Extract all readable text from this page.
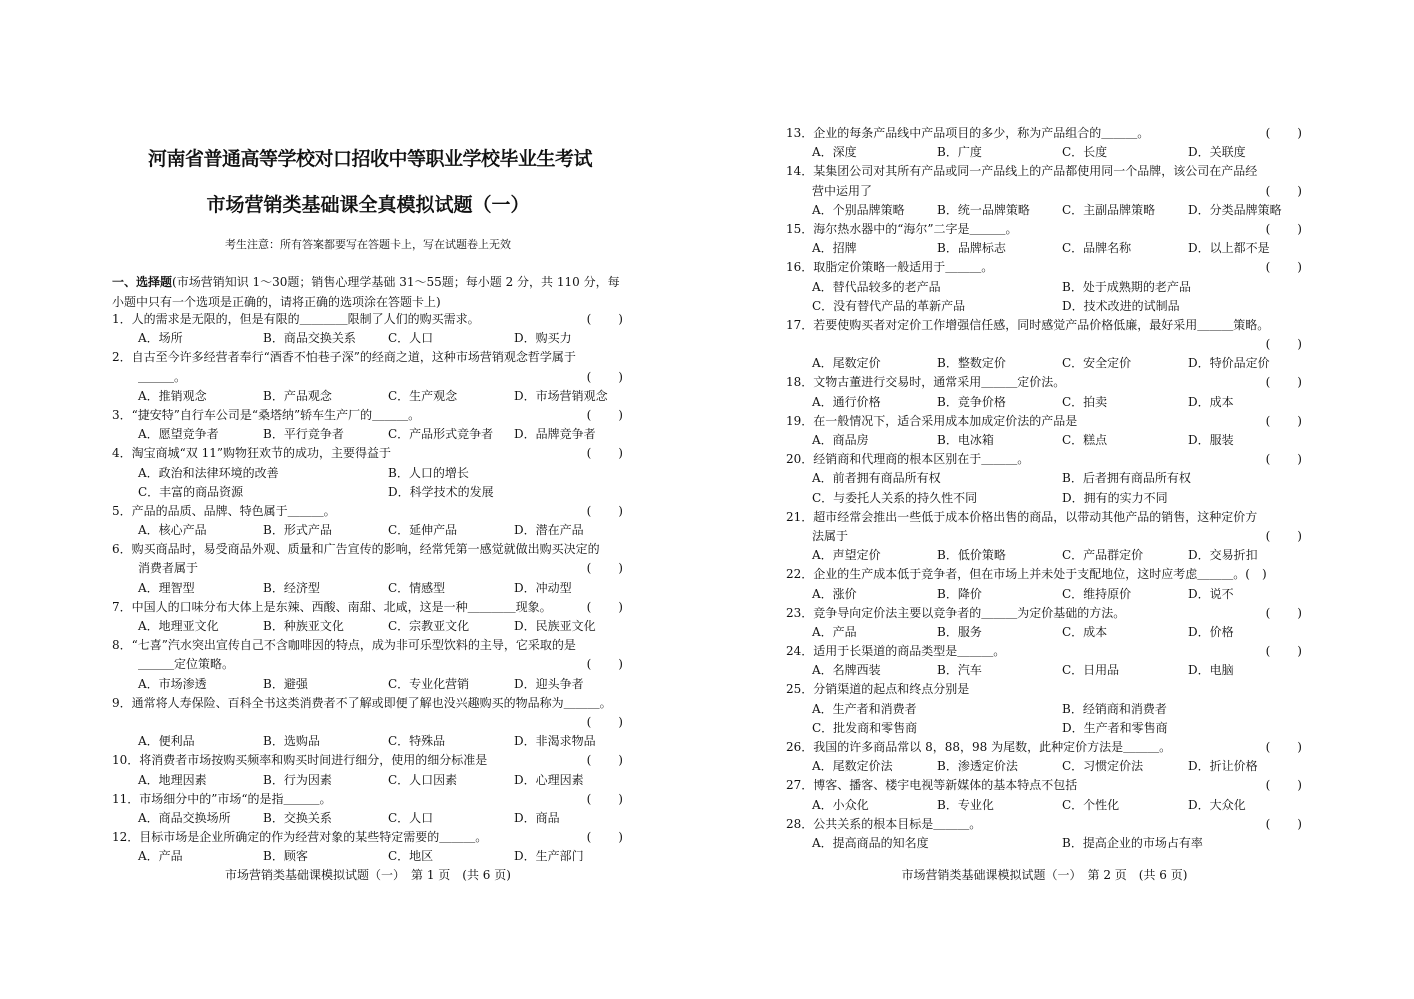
河南省普通高等学校对口招收中等职业学校毕业生考试
市场营销类基础课全真模拟试题（一）
考生注意：所有答案都要写在答题卡上，写在试题卷上无效
一、选择题(市场营销知识 1～30题；销售心理学基础 31～55题；每小题 2 分，共 110 分，每
小题中只有一个选项是正确的，请将正确的选项涂在答题卡上)
1．人的需求是无限的，但是有限的＿＿＿＿限制了人们的购买需求。	(　　)
A．场所	B．商品交换关系	C．人口	D．购买力
2．自古至今许多经营者奉行“酒香不怕巷子深”的经商之道，这种市场营销观念哲学属于
＿＿＿。	(　　)
A．推销观念	B．产品观念	C．生产观念	D．市场营销观念
3．“捷安特”自行车公司是“桑塔纳”轿车生产厂的＿＿＿。	(　　)
A．愿望竞争者	B．平行竞争者	C．产品形式竞争者 D．品牌竞争者
4．淘宝商城“双 11”购物狂欢节的成功，主要得益于	(　　)
A．政治和法律环境的改善	B．人口的增长
C．丰富的商品资源	D．科学技术的发展
5．产品的品质、品牌、特色属于＿＿＿。	(　　)
A．核心产品	B．形式产品	C．延伸产品	D．潜在产品
6．购买商品时，易受商品外观、质量和广告宣传的影响，经常凭第一感觉就做出购买决定的
消费者属于	(　　)
A．理智型	B．经济型	C．情感型	D．冲动型
7．中国人的口味分布大体上是东辣、西酸、南甜、北咸，这是一种＿＿＿＿现象。	(　　)
A．地理亚文化	B．种族亚文化	C．宗教亚文化	D．民族亚文化
8．“七喜”汽水突出宣传自己不含咖啡因的特点，成为非可乐型饮料的主导，它采取的是
＿＿＿定位策略。	(　　)
A．市场渗透	B．避强	C．专业化营销	D．迎头争者
9．通常将人寿保险、百科全书这类消费者不了解或即便了解也没兴趣购买的物品称为＿＿＿。
(　　)
A．便利品	B．选购品	C．特殊品	D．非渴求物品
10．将消费者市场按购买频率和购买时间进行细分，使用的细分标准是	(　　)
A．地理因素	B．行为因素	C．人口因素	D．心理因素
11．市场细分中的”市场“的是指＿＿＿。	(　　)
A．商品交换场所	B．交换关系	C．人口	D．商品
12．目标市场是企业所确定的作为经营对象的某些特定需要的＿＿＿。	(　　)
A．产品	B．顾客	C．地区	D．生产部门
市场营销类基础课模拟试题（一）　第 1 页　(共 6 页)
13．企业的每条产品线中产品项目的多少，称为产品组合的＿＿＿。	(　　)
A．深度	B．广度	C．长度	D．关联度
14．某集团公司对其所有产品或同一产品线上的产品都使用同一个品牌，该公司在产品经
营中运用了	(　　)
A．个别品牌策略	B．统一品牌策略	C．主副品牌策略	D．分类品牌策略
15．海尔热水器中的“海尔”二字是＿＿＿。	(　　)
A．招牌	B．品牌标志	C．品牌名称	D．以上都不是
16．取脂定价策略一般适用于＿＿＿。	(　　)
A．替代品较多的老产品	B．处于成熟期的老产品
C．没有替代产品的革新产品	D．技术改进的试制品
17．若要使购买者对定价工作增强信任感，同时感觉产品价格低廉，最好采用＿＿＿策略。
(　　)
A．尾数定价	B．整数定价	C．安全定价	D．特价品定价
18．文物古董进行交易时，通常采用＿＿＿定价法。	(　　)
A．通行价格	B．竞争价格	C．拍卖	D．成本
19．在一般情况下，适合采用成本加成定价法的产品是	(　　)
A．商品房	B．电冰箱	C．糕点	D．服装
20．经销商和代理商的根本区别在于＿＿＿。	(　　)
A．前者拥有商品所有权	B．后者拥有商品所有权
C．与委托人关系的持久性不同	D．拥有的实力不同
21．超市经常会推出一些低于成本价格出售的商品，以带动其他产品的销售，这种定价方
法属于	(　　)
A．声望定价	B．低价策略	C．产品群定价	D．交易折扣
22．企业的生产成本低于竞争者，但在市场上并未处于支配地位，这时应考虑＿＿＿。(　)
A．涨价	B．降价	C．维持原价	D．说不
23．竞争导向定价法主要以竞争者的＿＿＿为定价基础的方法。	(　　)
A．产品	B．服务	C．成本	D．价格
24．适用于长渠道的商品类型是＿＿＿。	(　　)
A．名牌西装	B．汽车	C．日用品	D．电脑
25．分销渠道的起点和终点分别是
A．生产者和消费者	B．经销商和消费者
C．批发商和零售商	D．生产者和零售商
26．我国的许多商品常以 8，88，98 为尾数，此种定价方法是＿＿＿。	(　　)
A．尾数定价法	B．渗透定价法	C．习惯定价法	D．折让价格
27．博客、播客、楼宇电视等新媒体的基本特点不包括	(　　)
A．小众化	B．专业化	C．个性化	D．大众化
28．公共关系的根本目标是＿＿＿。	(　　)
A．提高商品的知名度	B．提高企业的市场占有率
市场营销类基础课模拟试题（一）　第 2 页　(共 6 页)
